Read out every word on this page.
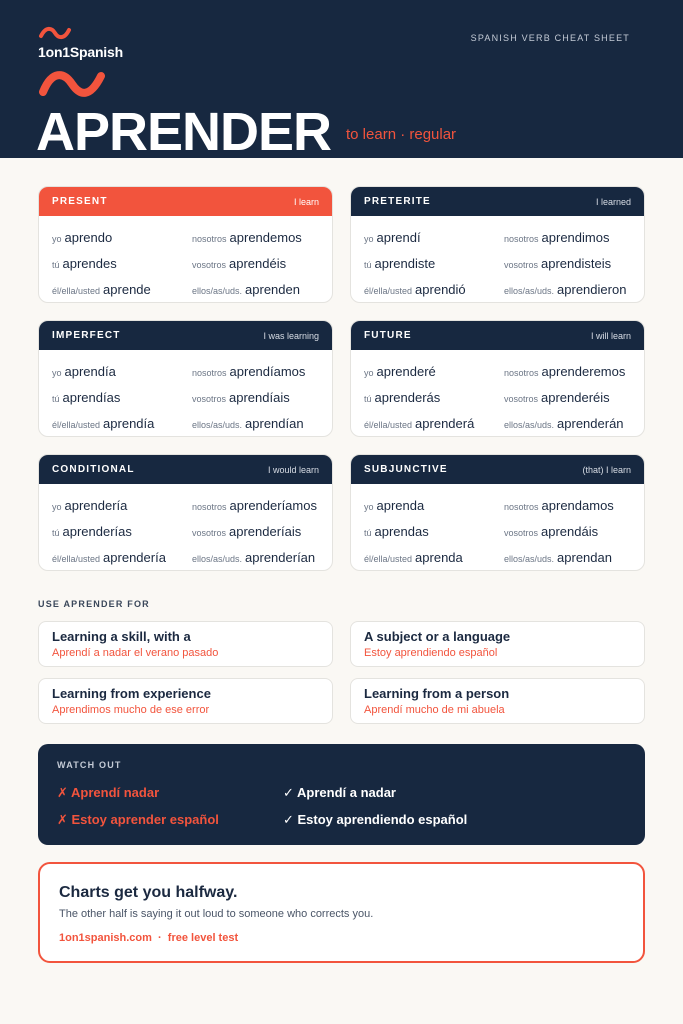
1on1Spanish
APRENDER to learn · regular
SPANISH VERB CHEAT SHEET
PRESENT	I learn
yo aprendo	nosotros aprendemos
tú aprendes	vosotros aprendéis
él/ella/usted aprende	ellos/as/uds. aprenden
PRETERITE	I learned
yo aprendí	nosotros aprendimos
tú aprendiste	vosotros aprendisteis
él/ella/usted aprendió	ellos/as/uds. aprendieron
IMPERFECT	I was learning
yo aprendía	nosotros aprendíamos
tú aprendías	vosotros aprendíais
él/ella/usted aprendía	ellos/as/uds. aprendían
FUTURE	I will learn
yo aprenderé	nosotros aprenderemos
tú aprenderás	vosotros aprenderéis
él/ella/usted aprenderá	ellos/as/uds. aprenderán
CONDITIONAL	I would learn
yo aprendería	nosotros aprenderíamos
tú aprenderías	vosotros aprenderíais
él/ella/usted aprendería	ellos/as/uds. aprenderían
SUBJUNCTIVE	(that) I learn
yo aprenda	nosotros aprendamos
tú aprendas	vosotros aprendáis
él/ella/usted aprenda	ellos/as/uds. aprendan
USE APRENDER FOR
Learning a skill, with a
Aprendí a nadar el verano pasado
A subject or a language
Estoy aprendiendo español
Learning from experience
Aprendimos mucho de ese error
Learning from a person
Aprendí mucho de mi abuela
WATCH OUT
✗ Aprendí nadar	✓ Aprendí a nadar
✗ Estoy aprender español	✓ Estoy aprendiendo español
Charts get you halfway.
The other half is saying it out loud to someone who corrects you.
1on1spanish.com  ·  free level test
